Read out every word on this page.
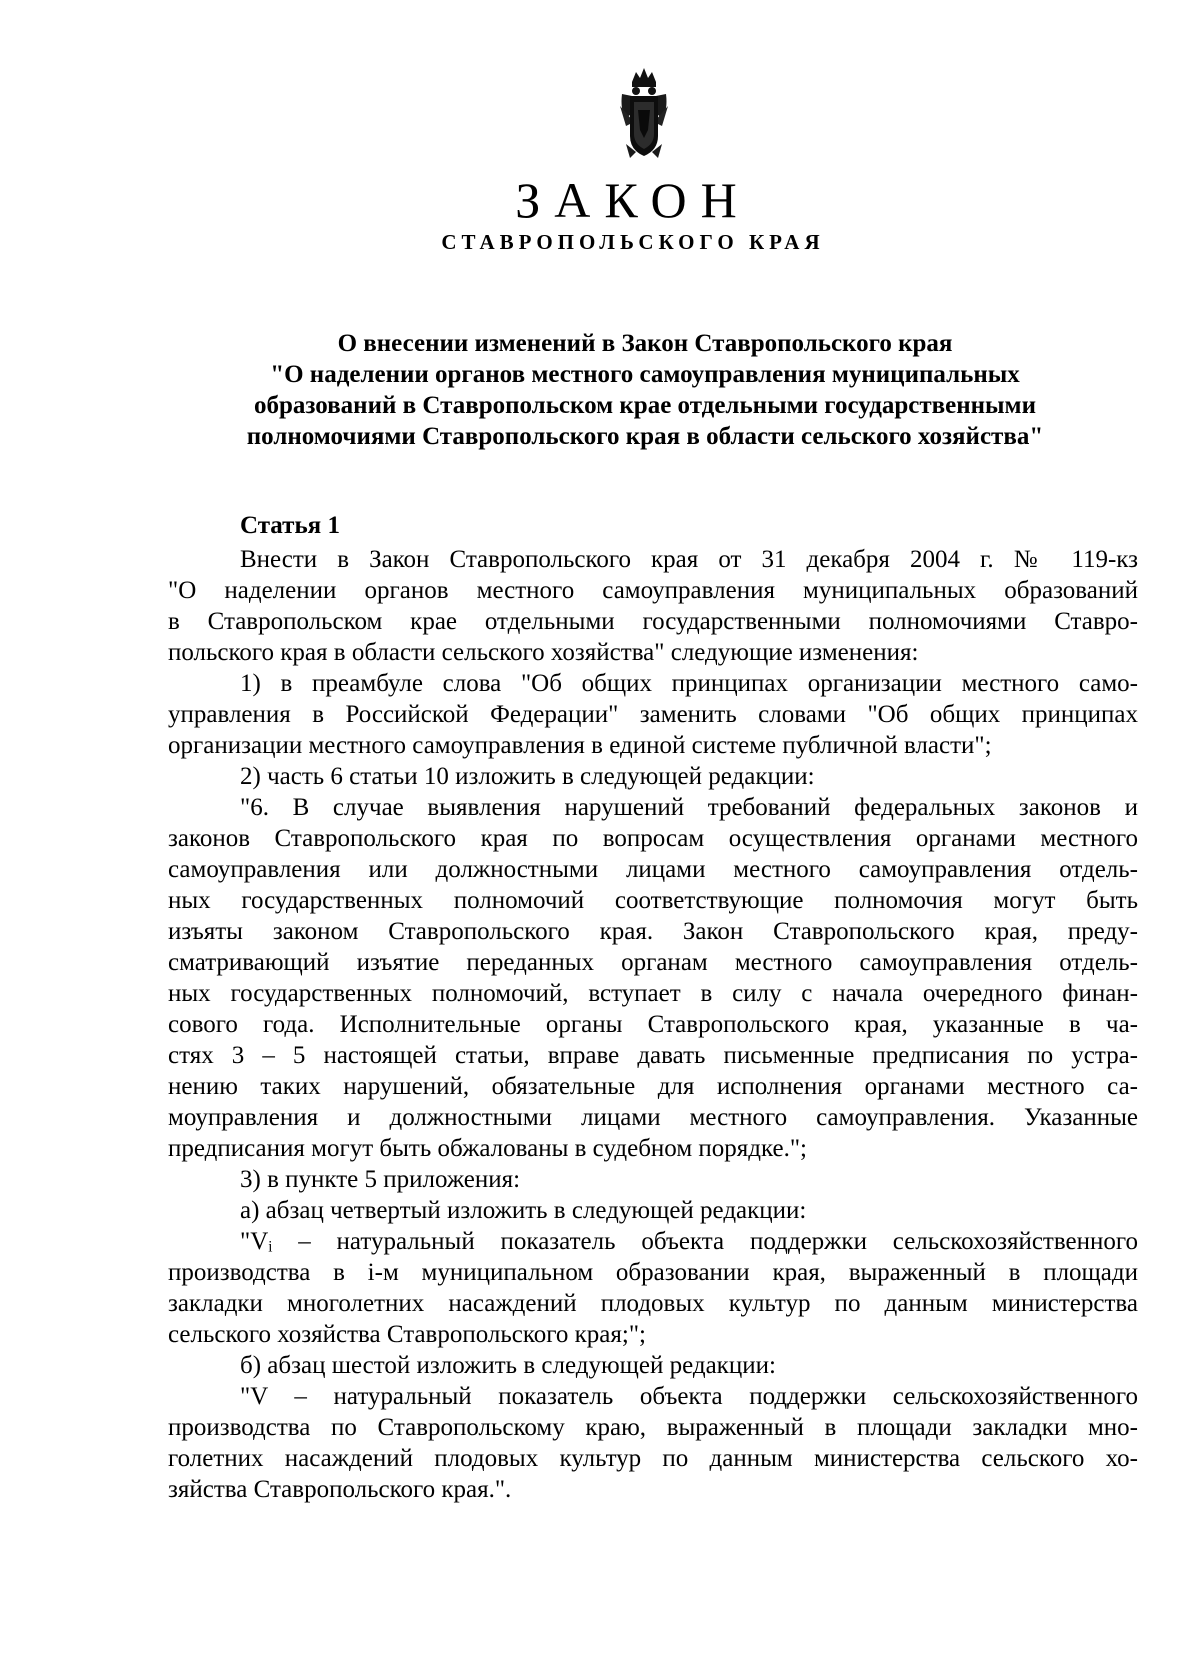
ЗАКОН
СТАВРОПОЛЬСКОГО КРАЯ
О внесении изменений в Закон Ставропольского края
"О наделении органов местного самоуправления муниципальных
образований в Ставропольском крае отдельными государственными
полномочиями Ставропольского края в области сельского хозяйства"
Статья 1
Внести в Закон Ставропольского края от 31 декабря 2004 г. № 119-кз
"О наделении органов местного самоуправления муниципальных образований
в Ставропольском крае отдельными государственными полномочиями Ставро-
польского края в области сельского хозяйства" следующие изменения:
1) в преамбуле слова "Об общих принципах организации местного само-
управления в Российской Федерации" заменить словами "Об общих принципах
организации местного самоуправления в единой системе публичной власти";
2) часть 6 статьи 10 изложить в следующей редакции:
"6. В случае выявления нарушений требований федеральных законов и
законов Ставропольского края по вопросам осуществления органами местного
самоуправления или должностными лицами местного самоуправления отдель-
ных государственных полномочий соответствующие полномочия могут быть
изъяты законом Ставропольского края. Закон Ставропольского края, преду-
сматривающий изъятие переданных органам местного самоуправления отдель-
ных государственных полномочий, вступает в силу с начала очередного финан-
сового года. Исполнительные органы Ставропольского края, указанные в ча-
стях 3 – 5 настоящей статьи, вправе давать письменные предписания по устра-
нению таких нарушений, обязательные для исполнения органами местного са-
моуправления и должностными лицами местного самоуправления. Указанные
предписания могут быть обжалованы в судебном порядке.";
3) в пункте 5 приложения:
а) абзац четвертый изложить в следующей редакции:
"Vᵢ – натуральный показатель объекта поддержки сельскохозяйственного
производства в i-м муниципальном образовании края, выраженный в площади
закладки многолетних насаждений плодовых культур по данным министерства
сельского хозяйства Ставропольского края;";
б) абзац шестой изложить в следующей редакции:
"V – натуральный показатель объекта поддержки сельскохозяйственного
производства по Ставропольскому краю, выраженный в площади закладки мно-
голетних насаждений плодовых культур по данным министерства сельского хо-
зяйства Ставропольского края.".
